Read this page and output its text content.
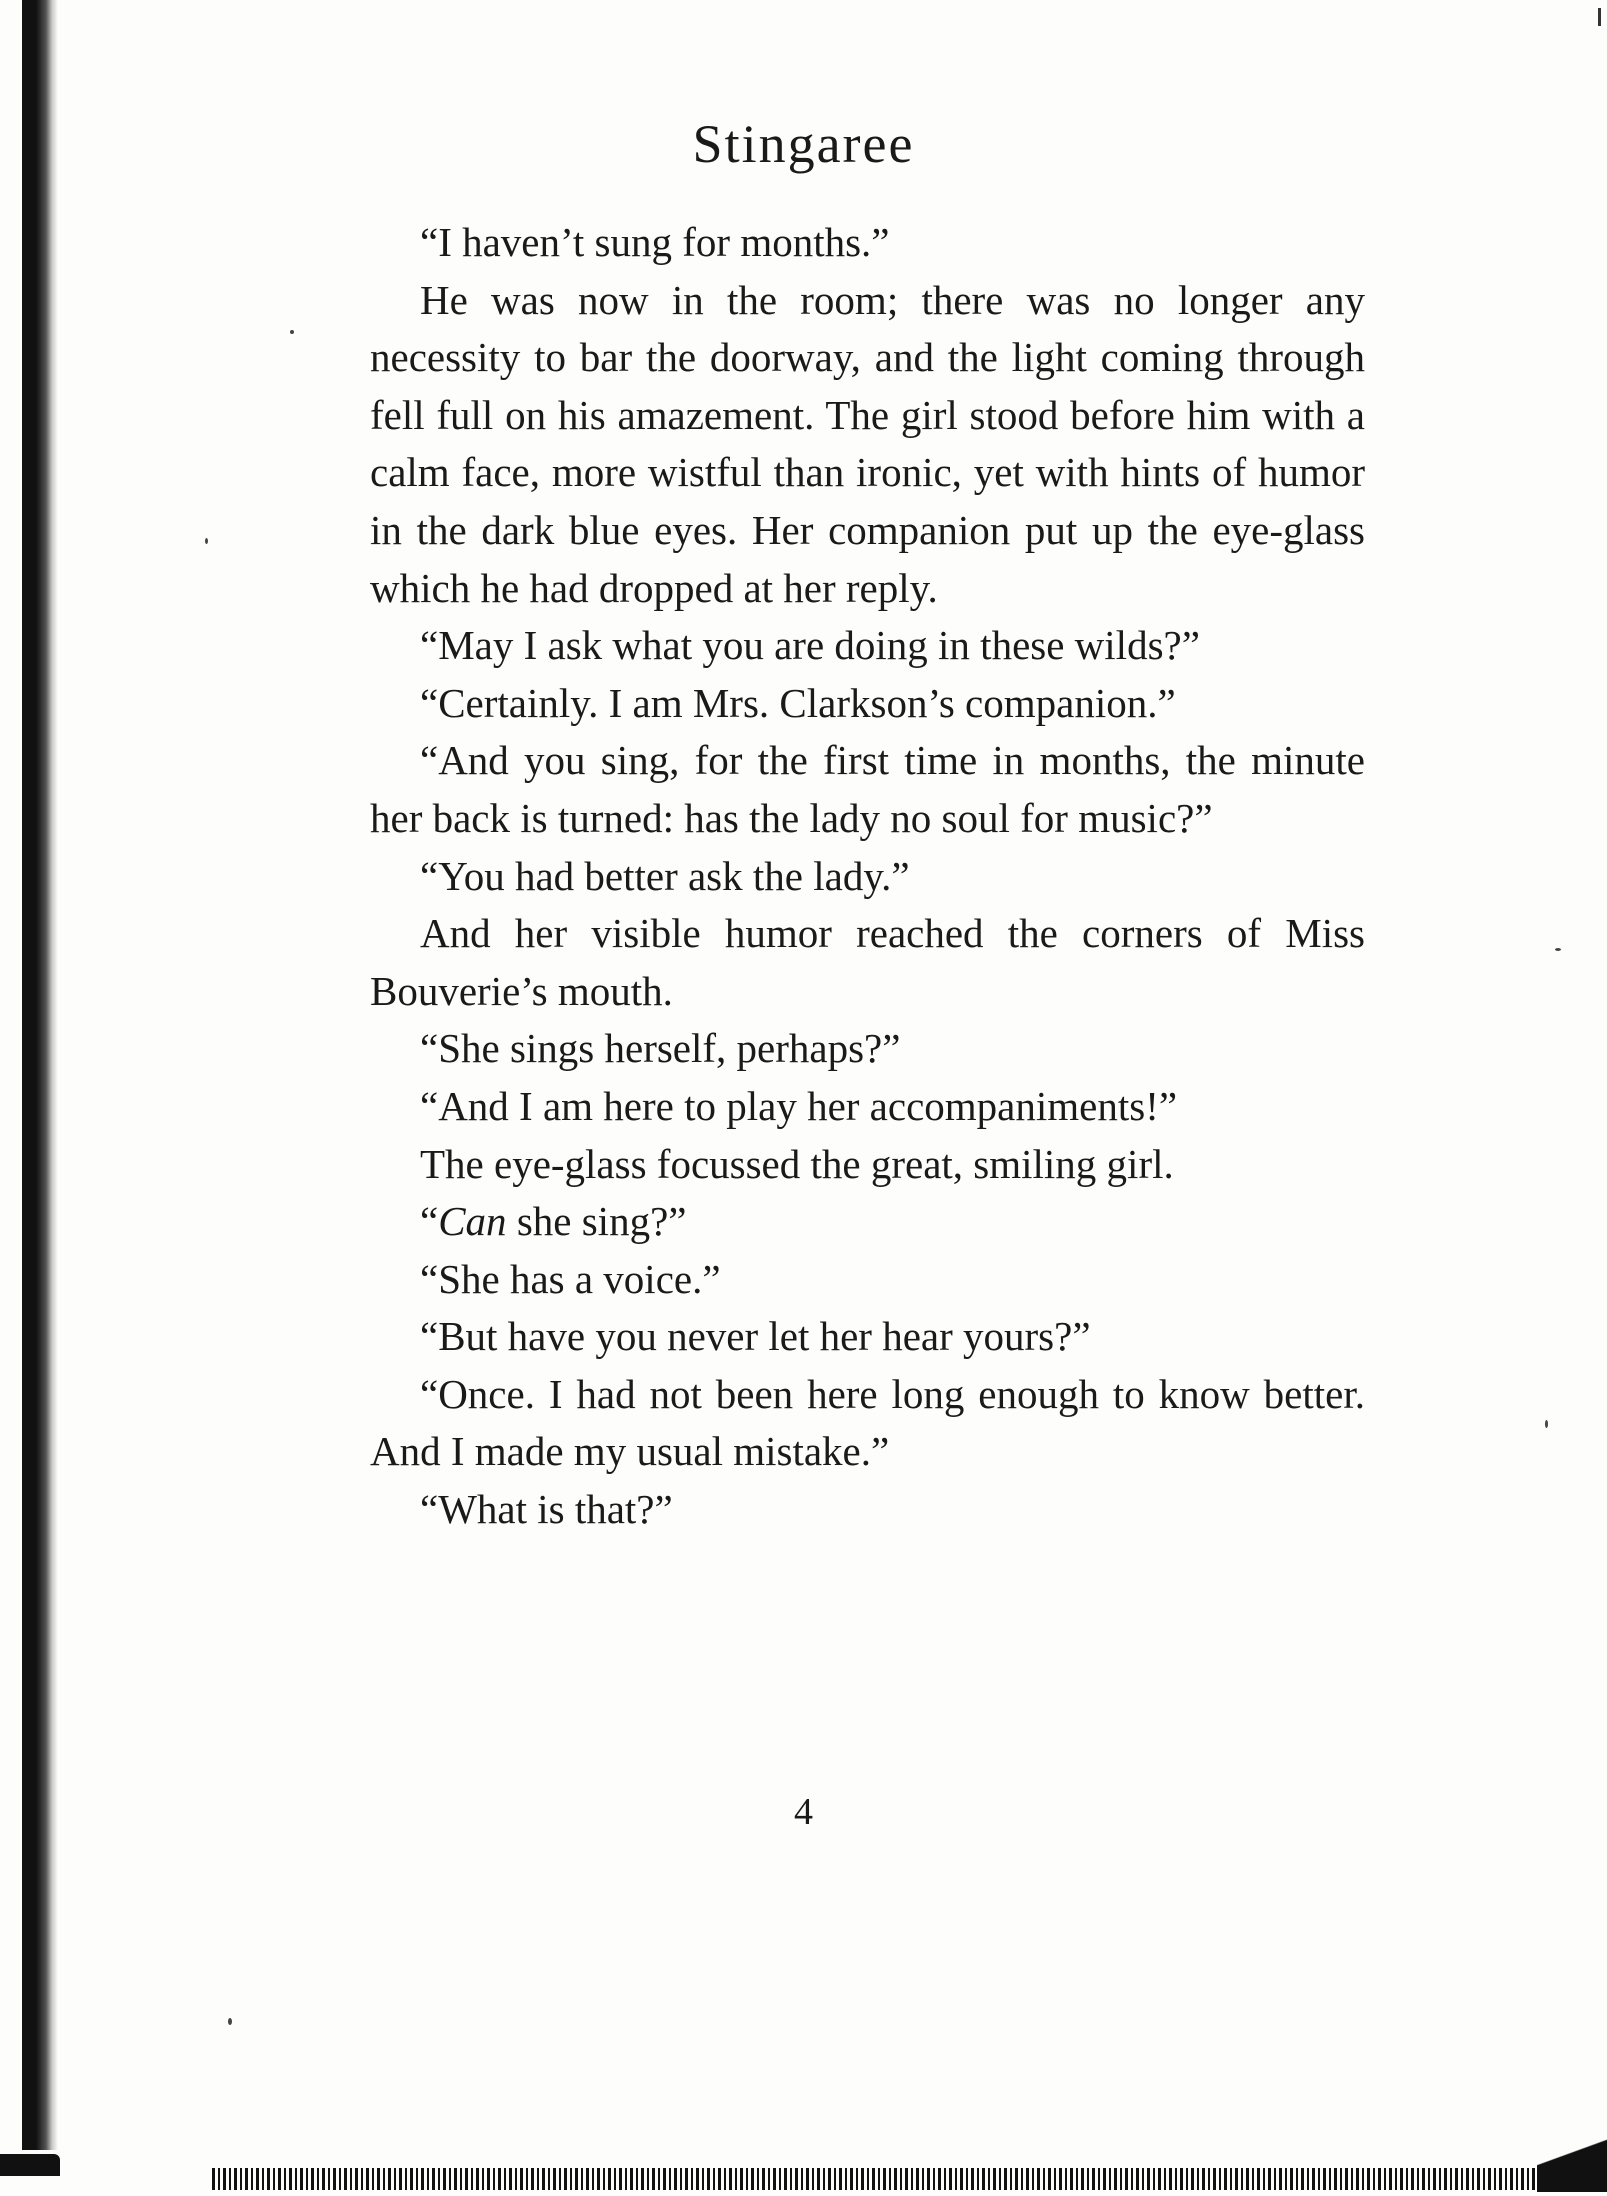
Stingaree

“I haven’t sung for months.”

He was now in the room; there was no longer any necessity to bar the doorway, and the light coming through fell full on his amazement. The girl stood before him with a calm face, more wistful than ironic, yet with hints of humor in the dark blue eyes. Her companion put up the eye-glass which he had dropped at her reply.

“May I ask what you are doing in these wilds?”

“Certainly. I am Mrs. Clarkson’s companion.”

“And you sing, for the first time in months, the minute her back is turned: has the lady no soul for music?”

“You had better ask the lady.”

And her visible humor reached the corners of Miss Bouverie’s mouth.

“She sings herself, perhaps?”

“And I am here to play her accompaniments!”

The eye-glass focussed the great, smiling girl.

“Can she sing?”

“She has a voice.”

“But have you never let her hear yours?”

“Once. I had not been here long enough to know better. And I made my usual mistake.”

“What is that?”

4
